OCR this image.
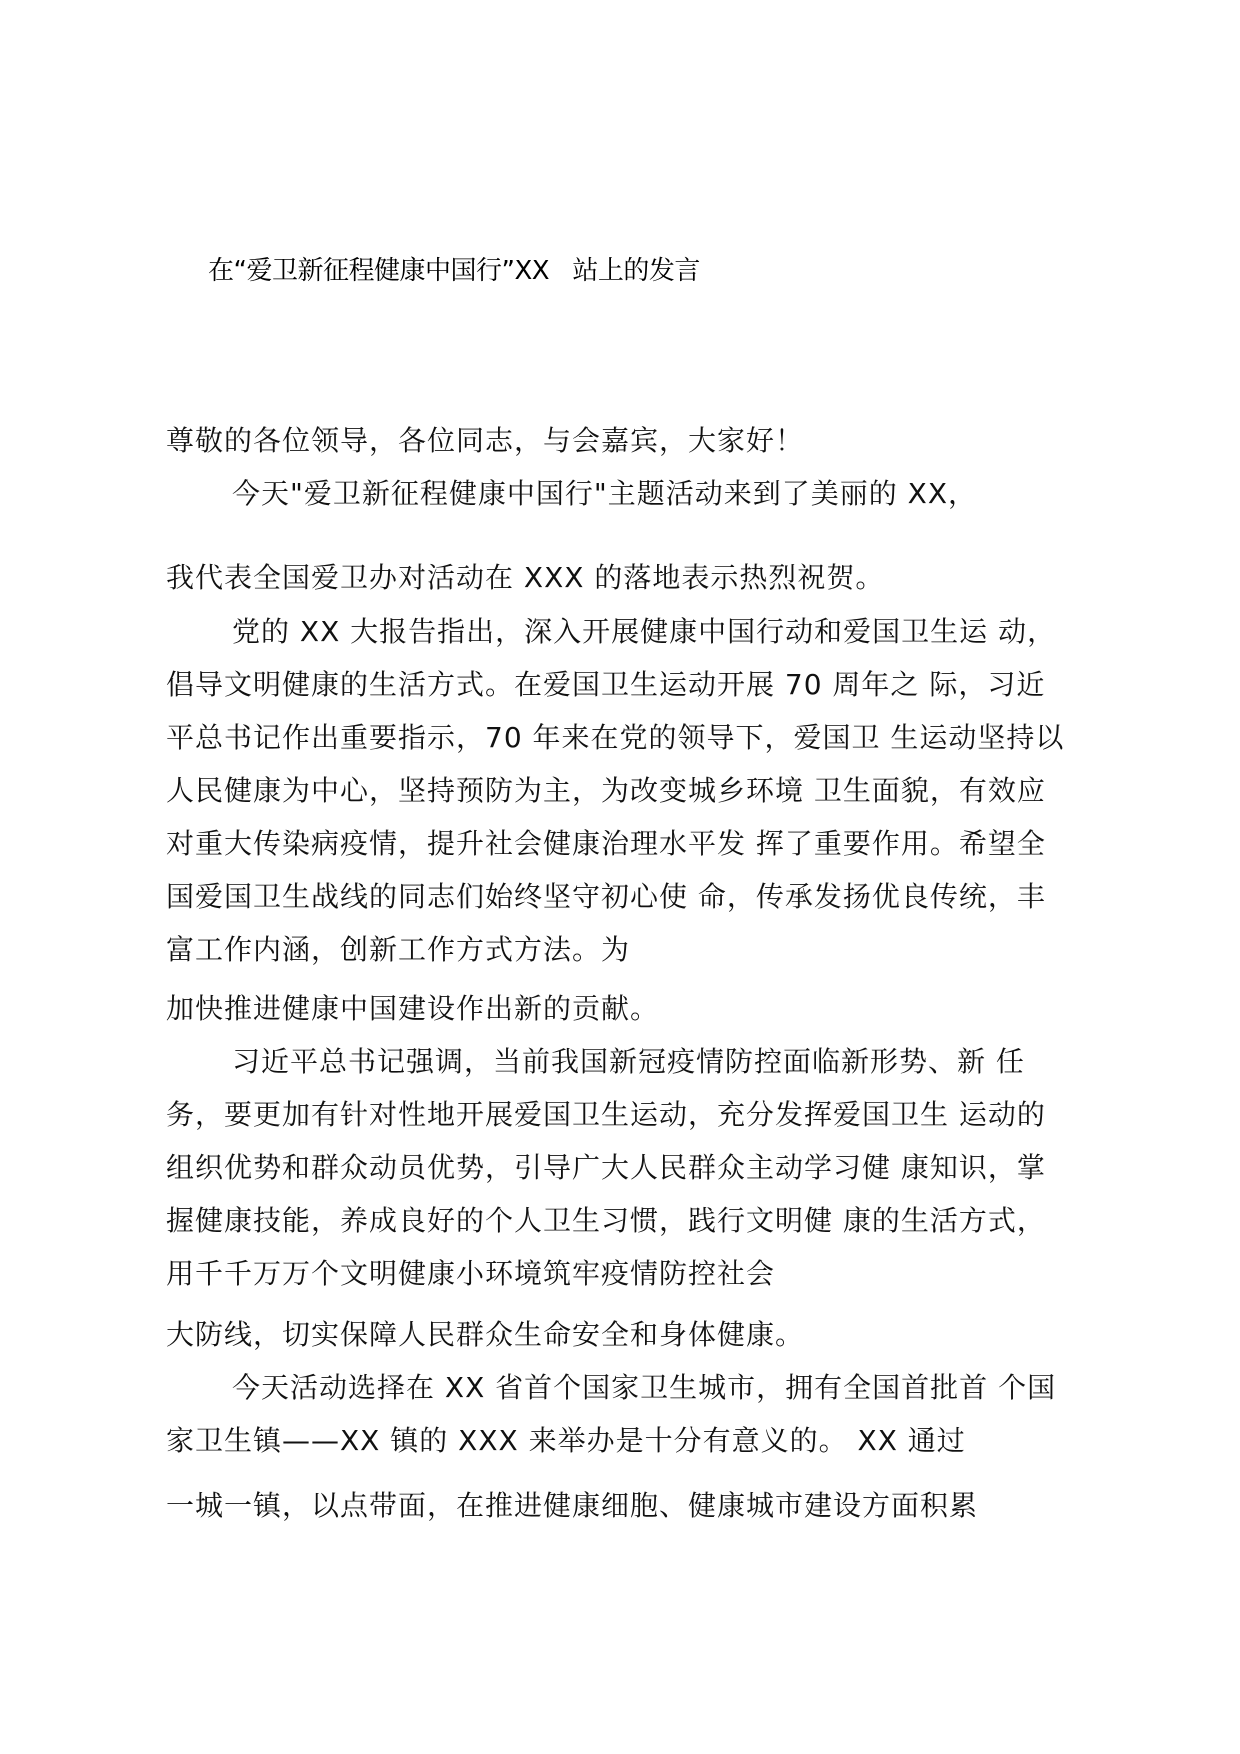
在“爱卫新征程健康中国行”XX   站上的发言
尊敬的各位领导，各位同志，与会嘉宾，大家好！
今天"爱卫新征程健康中国行"主题活动来到了美丽的 XX，
我代表全国爱卫办对活动在 XXX 的落地表示热烈祝贺。
党的 XX 大报告指出，深入开展健康中国行动和爱国卫生运 动，
倡导文明健康的生活方式。在爱国卫生运动开展 70 周年之 际，习近
平总书记作出重要指示，70 年来在党的领导下，爱国卫 生运动坚持以
人民健康为中心，坚持预防为主，为改变城乡环境 卫生面貌，有效应
对重大传染病疫情，提升社会健康治理水平发 挥了重要作用。希望全
国爱国卫生战线的同志们始终坚守初心使 命，传承发扬优良传统，丰
富工作内涵，创新工作方式方法。为
加快推进健康中国建设作出新的贡献。
习近平总书记强调，当前我国新冠疫情防控面临新形势、新 任
务，要更加有针对性地开展爱国卫生运动，充分发挥爱国卫生 运动的
组织优势和群众动员优势，引导广大人民群众主动学习健 康知识，掌
握健康技能，养成良好的个人卫生习惯，践行文明健 康的生活方式，
用千千万万个文明健康小环境筑牢疫情防控社会
大防线，切实保障人民群众生命安全和身体健康。
今天活动选择在 XX 省首个国家卫生城市，拥有全国首批首 个国
家卫生镇——XX 镇的 XXX 来举办是十分有意义的。 XX 通过
一城一镇，以点带面，在推进健康细胞、健康城市建设方面积累
